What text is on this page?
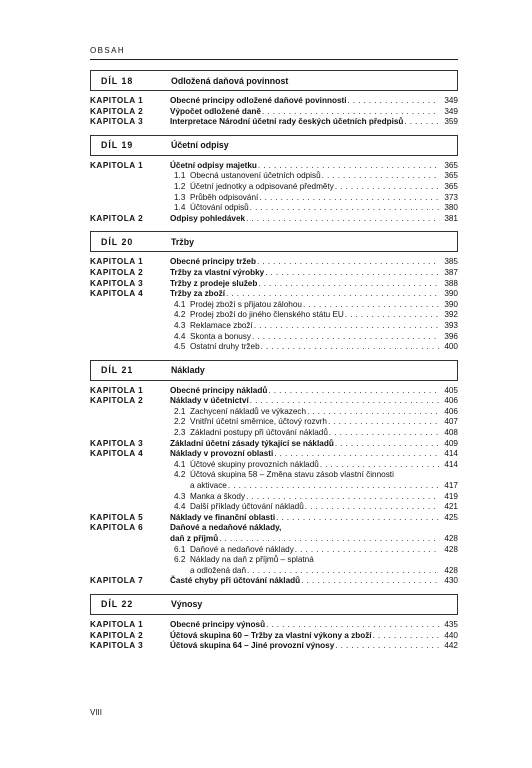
OBSAH
DÍL 18	Odložená daňová povinnost
KAPITOLA 1	Obecné principy odložené daňové povinnosti . . .	349
KAPITOLA 2	Výpočet odložené daně . . .	349
KAPITOLA 3	Interpretace Národní účetní rady českých účetních předpisů . . .	359
DÍL 19	Účetní odpisy
KAPITOLA 1	Účetní odpisy majetku . . .	365
1.1 Obecná ustanovení účetních odpisů . . .	365
1.2 Účetní jednotky a odpisované předměty . . .	365
1.3 Průběh odpisování . . .	373
1.4 Účtování odpisů . . .	380
KAPITOLA 2	Odpisy pohledávek . . .	381
DÍL 20	Tržby
KAPITOLA 1	Obecné principy tržeb . . .	385
KAPITOLA 2	Tržby za vlastní výrobky . . .	387
KAPITOLA 3	Tržby z prodeje služeb . . .	388
KAPITOLA 4	Tržby za zboží . . .	390
4.1 Prodej zboží s přijatou zálohou . . .	390
4.2 Prodej zboží do jiného členského státu EU . . .	392
4.3 Reklamace zboží . . .	393
4.4 Skonta a bonusy . . .	396
4.5 Ostatní druhy tržeb . . .	400
DÍL 21	Náklady
KAPITOLA 1	Obecné principy nákladů . . .	405
KAPITOLA 2	Náklady v účetnictví . . .	406
2.1 Zachycení nákladů ve výkazech . . .	406
2.2 Vnitřní účetní směrnice, účtový rozvrh . . .	407
2.3 Základní postupy při účtování nákladů . . .	408
KAPITOLA 3	Základní účetní zásady týkající se nákladů . . .	409
KAPITOLA 4	Náklady v provozní oblasti . . .	414
4.1 Účtové skupiny provozních nákladů . . .	414
4.2 Účtová skupina 58 – Změna stavu zásob vlastní činnosti
a aktivace . . .	417
4.3 Manka a škody . . .	419
4.4 Další příklady účtování nákladů . . .	421
KAPITOLA 5	Náklady ve finanční oblasti . . .	425
KAPITOLA 6	Daňové a nedaňové náklady,
daň z příjmů . . .	428
6.1 Daňové a nedaňové náklady . . .	428
6.2 Náklady na daň z příjmů – splatná
a odložená daň . . .	428
KAPITOLA 7	Časté chyby při účtování nákladů . . .	430
DÍL 22	Výnosy
KAPITOLA 1	Obecné principy výnosů . . .	435
KAPITOLA 2	Účtová skupina 60 – Tržby za vlastní výkony a zboží . . .	440
KAPITOLA 3	Účtová skupina 64 – Jiné provozní výnosy . . .	442
VIII
